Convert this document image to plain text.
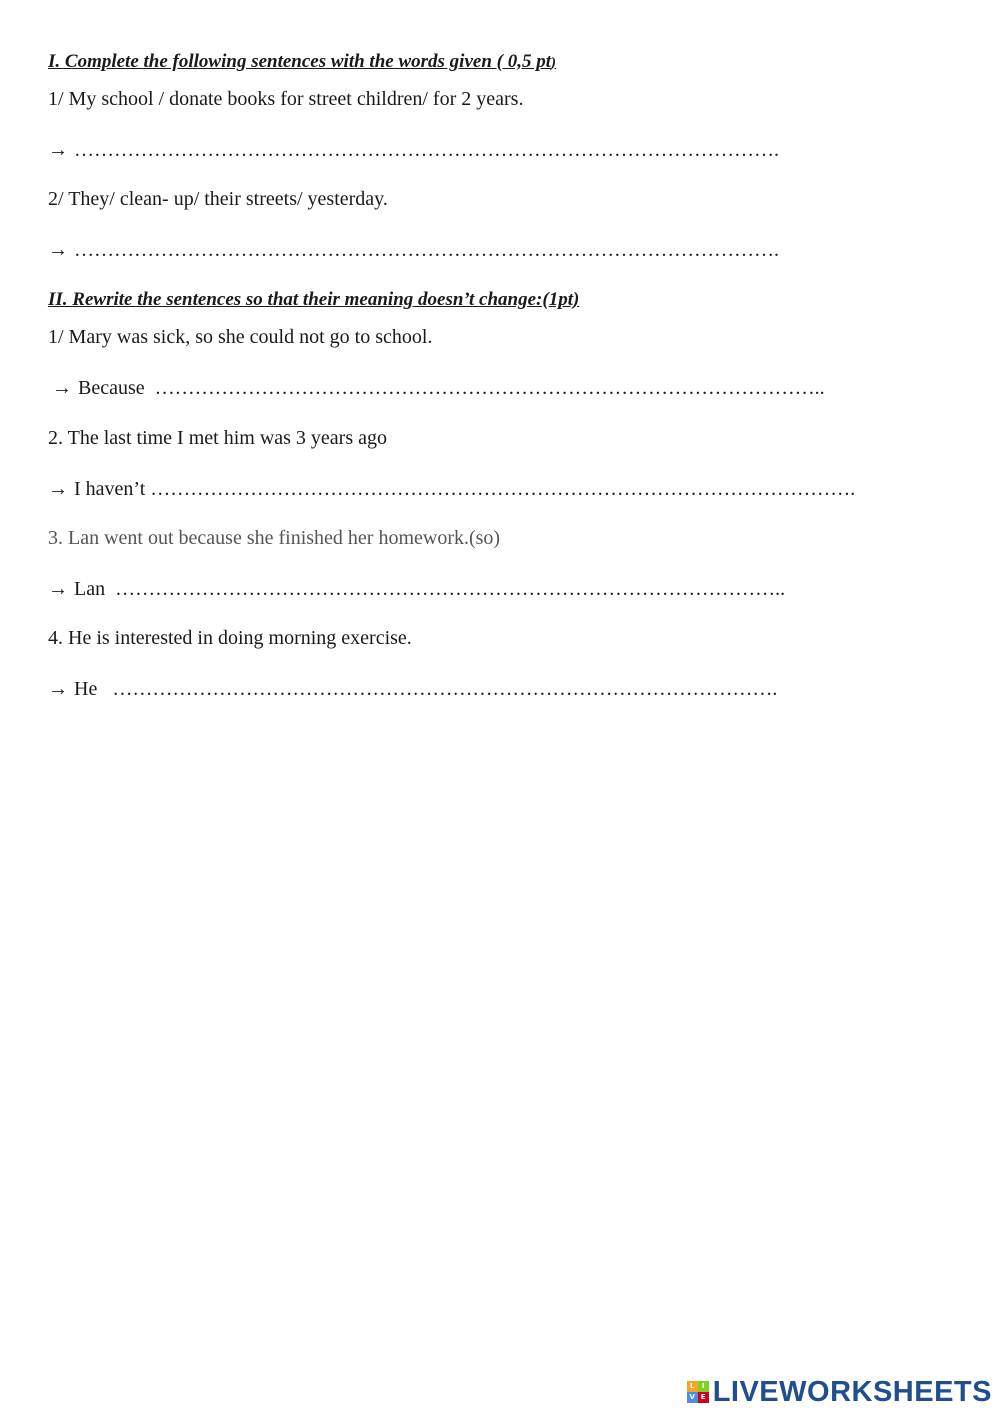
I. Complete the following sentences with the words given ( 0,5 pt)
1/ My school / donate books for street children/ for 2 years.
→ …………………………………………………………………………………………….
2/ They/ clean- up/ their streets/ yesterday.
→ …………………………………………………………………………………………….
II. Rewrite the sentences so that their meaning doesn’t change:(1pt)
1/ Mary was sick, so she could not go to school.
→ Because ………………………………………………………………………………………..
2. The last time I met him was 3 years ago
→ I haven’t …………………………………………………………………………………………….
3. Lan went out because she finished her homework.(so)
→ Lan ………………………………………………………………………………………..
4. He is interested in doing morning exercise.
→ He ……………………………………………………………………………………….
L	I
V E LIVEWORKSHEETS
